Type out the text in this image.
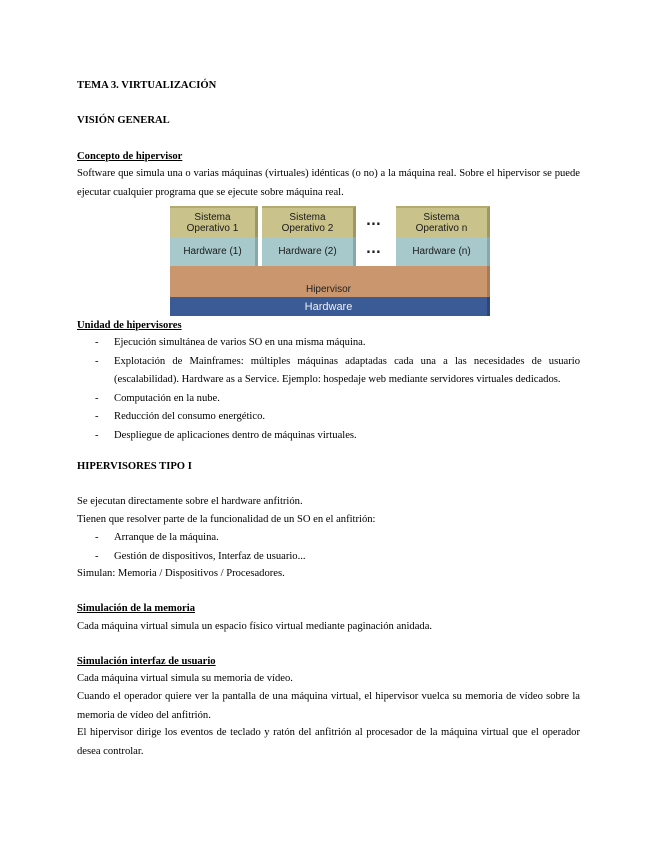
TEMA 3. VIRTUALIZACIÓN
VISIÓN GENERAL
Concepto de hipervisor
Software que simula una o varias máquinas (virtuales) idénticas (o no) a la máquina real. Sobre el hipervisor se puede ejecutar cualquier programa que se ejecute sobre máquina real.
Sistema
Operativo 1
Sistema
Operativo 2
Sistema
Operativo n
Hardware (1)	Hardware (2)	Hardware (n)
...
...
Hipervisor
Hardware
Unidad de hipervisores
- Ejecución simultánea de varios SO en una misma máquina.
- Explotación de Mainframes: múltiples máquinas adaptadas cada una a las necesidades de usuario (escalabilidad). Hardware as a Service. Ejemplo: hospedaje web mediante servidores virtuales dedicados.
- Computación en la nube.
- Reducción del consumo energético.
- Despliegue de aplicaciones dentro de máquinas virtuales.
HIPERVISORES TIPO I
Se ejecutan directamente sobre el hardware anfitrión.
Tienen que resolver parte de la funcionalidad de un SO en el anfitrión:
- Arranque de la máquina.
- Gestión de dispositivos, Interfaz de usuario...
Simulan: Memoria / Dispositivos / Procesadores.
Simulación de la memoria
Cada máquina virtual simula un espacio físico virtual mediante paginación anidada.
Simulación interfaz de usuario
Cada máquina virtual simula su memoria de vídeo.
Cuando el operador quiere ver la pantalla de una máquina virtual, el hipervisor vuelca su memoria de vídeo sobre la memoria de vídeo del anfitrión.
El hipervisor dirige los eventos de teclado y ratón del anfitrión al procesador de la máquina virtual que el operador desea controlar.
